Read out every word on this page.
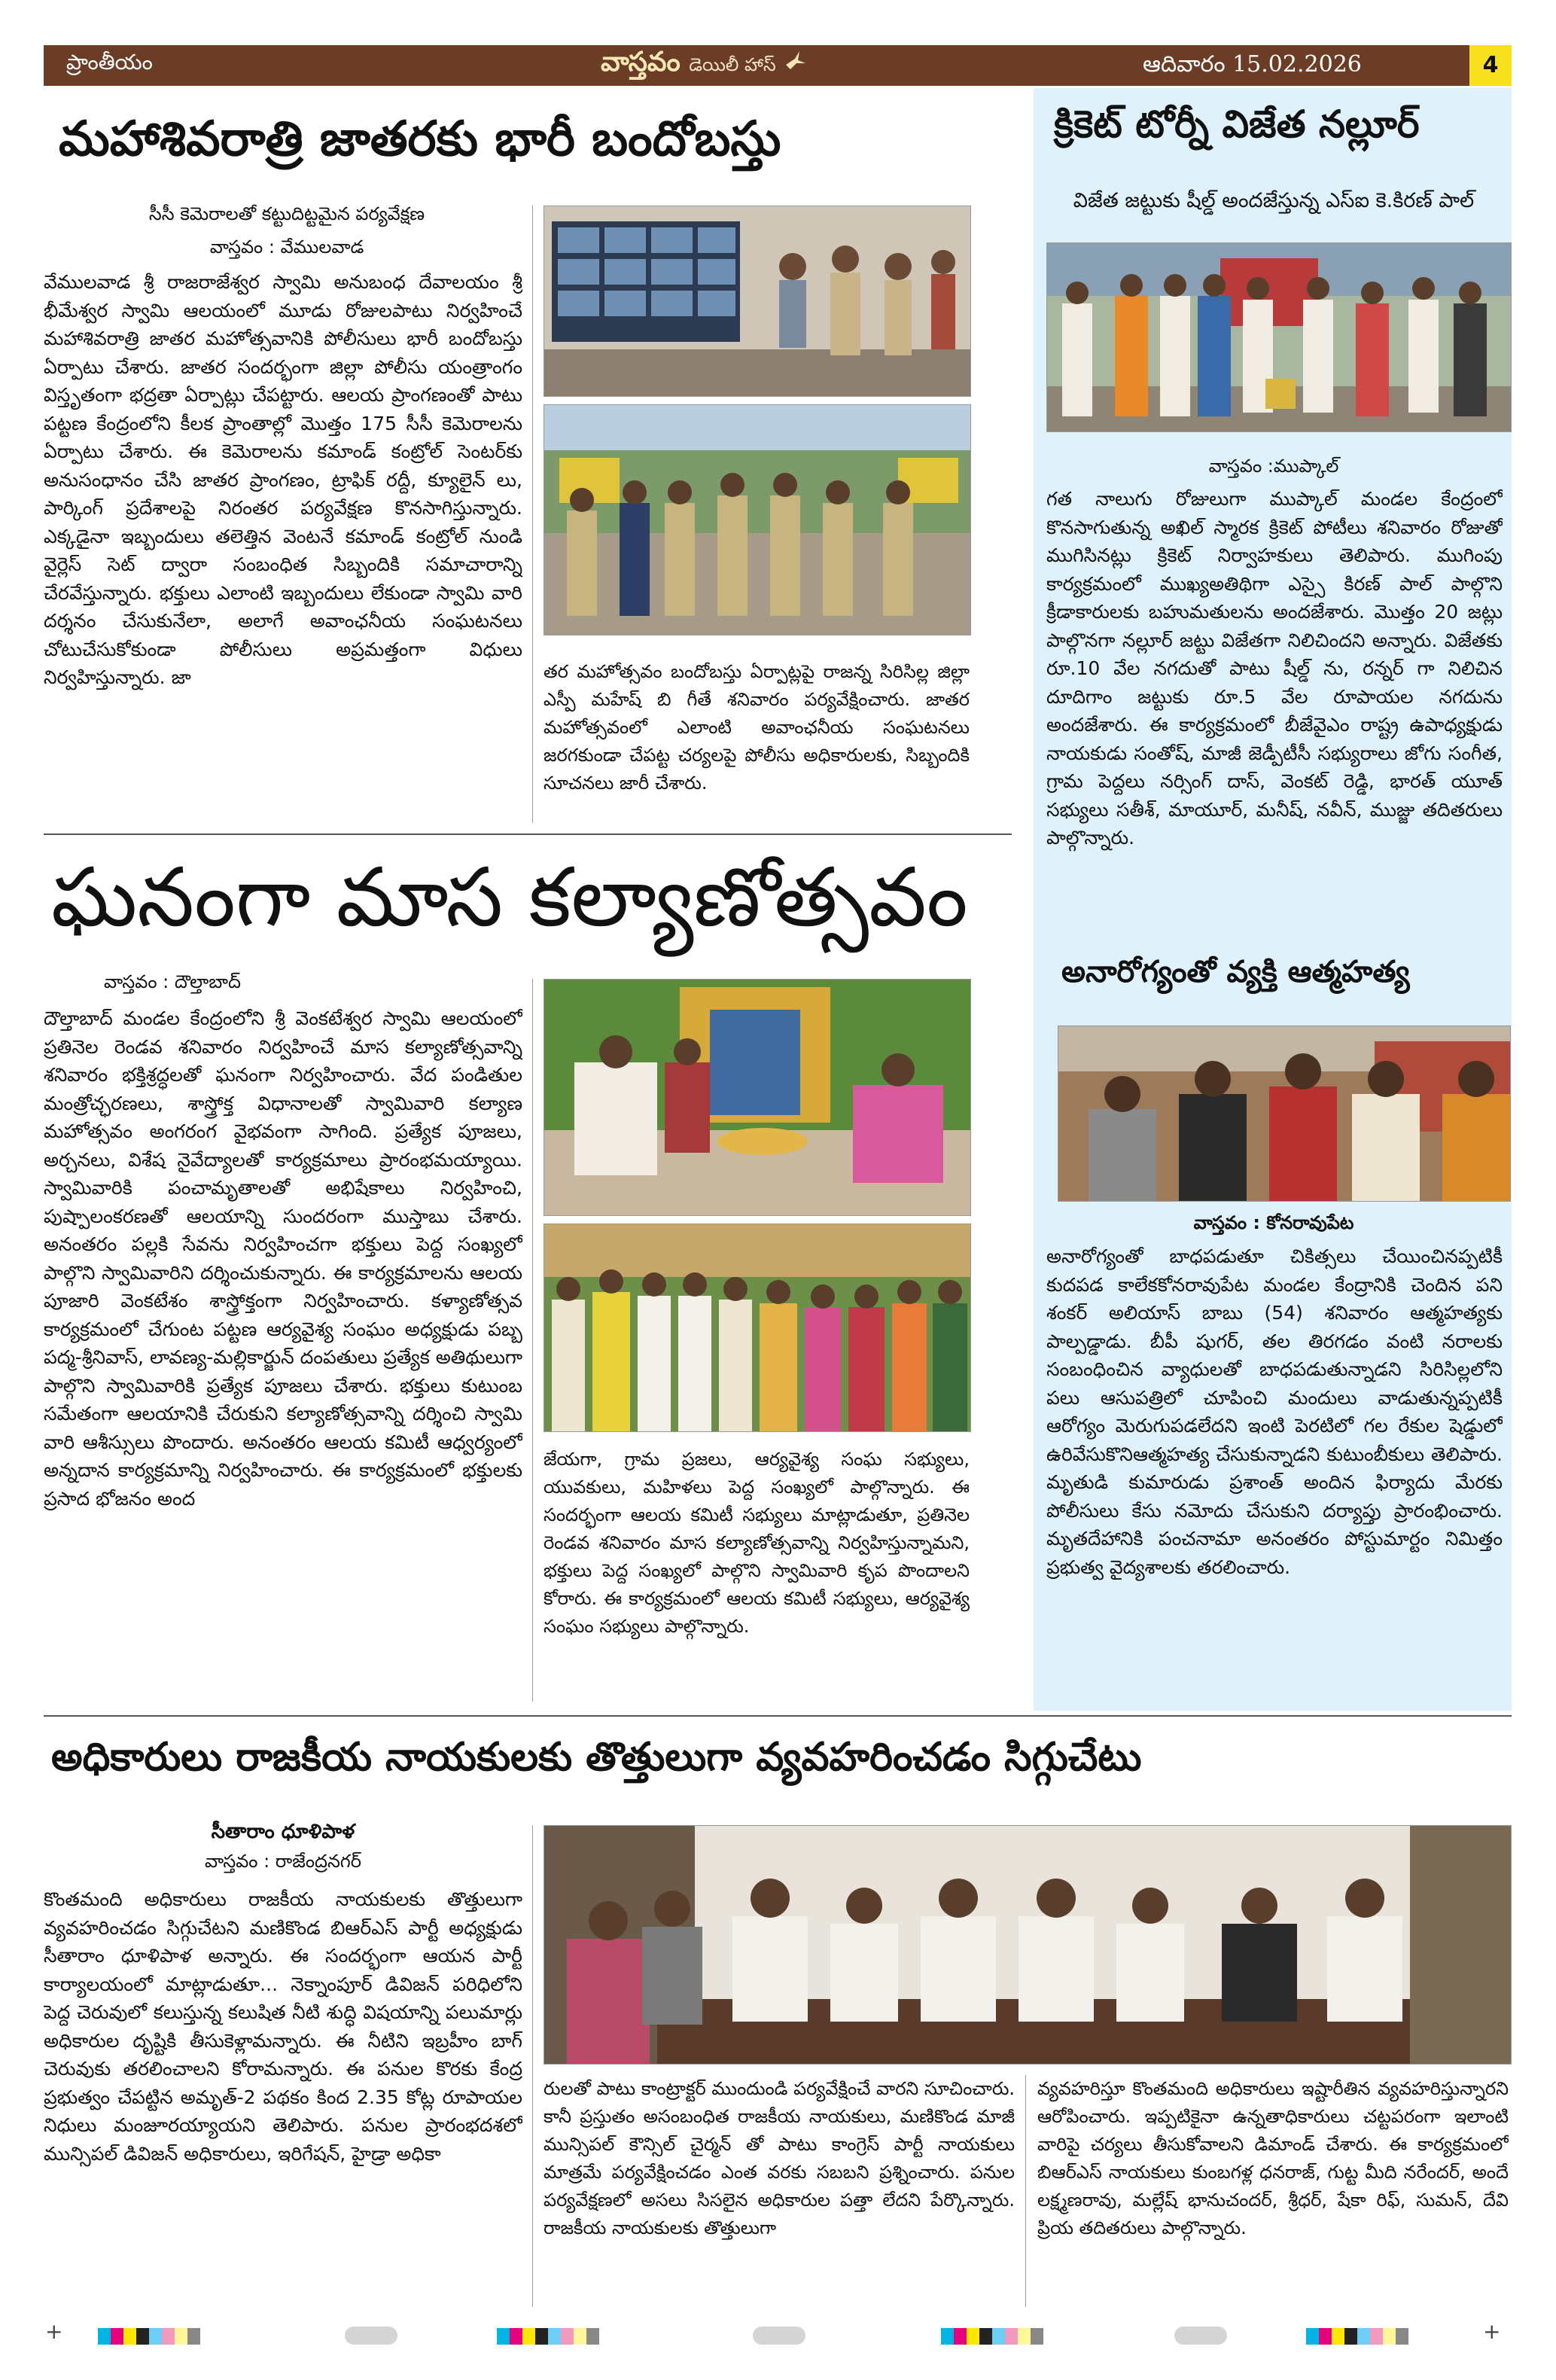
ప్రాంతీయం	వాస్తవం డెయిలీ హాస్	ఆదివారం 15.02.2026	4
మహాశివరాత్రి జాతరకు భారీ బందోబస్తు
సీసీ కెమెరాలతో కట్టుదిట్టమైన పర్యవేక్షణ
వాస్తవం : వేములవాడ
వేములవాడ శ్రీ రాజరాజేశ్వర స్వామి అనుబంధ దేవాలయం శ్రీ భీమేశ్వర స్వామి ఆలయంలో మూడు రోజులపాటు నిర్వహించే మహాశివరాత్రి జాతర మహోత్సవానికి పోలీసులు భారీ బందోబస్తు ఏర్పాటు చేశారు. జాతర సందర్భంగా జిల్లా పోలీసు యంత్రాంగం విస్తృతంగా భద్రతా ఏర్పాట్లు చేపట్టారు. ఆలయ ప్రాంగణంతో పాటు పట్టణ కేంద్రంలోని కీలక ప్రాంతాల్లో మొత్తం 175 సీసీ కెమెరాలను ఏర్పాటు చేశారు. ఈ కెమెరాలను కమాండ్ కంట్రోల్ సెంటర్‌కు అనుసంధానం చేసి జాతర ప్రాంగణం, ట్రాఫిక్ రద్దీ, క్యూలైన్ లు, పార్కింగ్ ప్రదేశాలపై నిరంతర పర్యవేక్షణ కొనసాగిస్తున్నారు. ఎక్కడైనా ఇబ్బందులు తలెత్తిన వెంటనే కమాండ్ కంట్రోల్ నుండి వైర్లెస్ సెట్ ద్వారా సంబంధిత సిబ్బందికి సమాచారాన్ని చేరవేస్తున్నారు. భక్తులు ఎలాంటి ఇబ్బందులు లేకుండా స్వామి వారి దర్శనం చేసుకునేలా, అలాగే అవాంఛనీయ సంఘటనలు చోటుచేసుకోకుండా పోలీసులు అప్రమత్తంగా విధులు నిర్వహిస్తున్నారు. జా	తర మహోత్సవం బందోబస్తు ఏర్పాట్లపై రాజన్న సిరిసిల్ల జిల్లా ఎస్పీ మహేష్ బి గీతే శనివారం పర్యవేక్షించారు. జాతర మహోత్సవంలో ఎలాంటి అవాంఛనీయ సంఘటనలు జరగకుండా చేపట్ట చర్యలపై పోలీసు అధికారులకు, సిబ్బందికి సూచనలు జారీ చేశారు.
ఘనంగా మాస కల్యాణోత్సవం
వాస్తవం : దౌల్తాబాద్
దౌల్తాబాద్ మండల కేంద్రంలోని శ్రీ వెంకటేశ్వర స్వామి ఆలయంలో ప్రతినెల రెండవ శనివారం నిర్వహించే మాస కల్యాణోత్సవాన్ని శనివారం భక్తిశ్రద్ధలతో ఘనంగా నిర్వహించారు. వేద పండితుల మంత్రోచ్ఛరణలు, శాస్త్రోక్త విధానాలతో స్వామివారి కల్యాణ మహోత్సవం అంగరంగ వైభవంగా సాగింది. ప్రత్యేక పూజలు, అర్చనలు, విశేష నైవేద్యాలతో కార్యక్రమాలు ప్రారంభమయ్యాయి. స్వామివారికి పంచామృతాలతో అభిషేకాలు నిర్వహించి, పుష్పాలంకరణతో ఆలయాన్ని సుందరంగా ముస్తాబు చేశారు. అనంతరం పల్లకి సేవను నిర్వహించగా భక్తులు పెద్ద సంఖ్యలో పాల్గొని స్వామివారిని దర్శించుకున్నారు. ఈ కార్యక్రమాలను ఆలయ పూజారి వెంకటేశం శాస్త్రోక్తంగా నిర్వహించారు. కళ్యాణోత్సవ కార్యక్రమంలో చేగుంట పట్టణ ఆర్యవైశ్య సంఘం అధ్యక్షుడు పబ్బ పద్మ-శ్రీనివాస్, లావణ్య-మల్లికార్జున్ దంపతులు ప్రత్యేక అతిథులుగా పాల్గొని స్వామివారికి ప్రత్యేక పూజలు చేశారు. భక్తులు కుటుంబ సమేతంగా ఆలయానికి చేరుకుని కల్యాణోత్సవాన్ని దర్శించి స్వామి వారి ఆశీస్సులు పొందారు. అనంతరం ఆలయ కమిటీ ఆధ్వర్యంలో అన్నదాన కార్యక్రమాన్ని నిర్వహించారు. ఈ కార్యక్రమంలో భక్తులకు ప్రసాద భోజనం అంద
జేయగా, గ్రామ ప్రజలు, ఆర్యవైశ్య సంఘ సభ్యులు, యువకులు, మహిళలు పెద్ద సంఖ్యలో పాల్గొన్నారు. ఈ సందర్భంగా ఆలయ కమిటీ సభ్యులు మాట్లాడుతూ, ప్రతినెల రెండవ శనివారం మాస కల్యాణోత్సవాన్ని నిర్వహిస్తున్నామని, భక్తులు పెద్ద సంఖ్యలో పాల్గొని స్వామివారి కృప పొందాలని కోరారు. ఈ కార్యక్రమంలో ఆలయ కమిటీ సభ్యులు, ఆర్యవైశ్య సంఘం సభ్యులు పాల్గొన్నారు.
క్రికెట్ టోర్నీ విజేత నల్లూర్
విజేత జట్టుకు షీల్డ్ అందజేస్తున్న ఎస్ఐ కె.కిరణ్ పాల్
వాస్తవం :ముప్కాల్
గత నాలుగు రోజులుగా ముప్కాల్ మండల కేంద్రంలో కొనసాగుతున్న అఖిల్ స్మారక క్రికెట్ పోటీలు శనివారం రోజుతో ముగిసినట్లు క్రికెట్ నిర్వాహకులు తెలిపారు. ముగింపు కార్యక్రమంలో ముఖ్యఅతిథిగా ఎస్సై కిరణ్ పాల్ పాల్గొని క్రీడాకారులకు బహుమతులను అందజేశారు. మొత్తం 20 జట్లు పాల్గొనగా నల్లూర్ జట్టు విజేతగా నిలిచిందని అన్నారు. విజేతకు రూ.10 వేల నగదుతో పాటు షీల్డ్ ను, రన్నర్ గా నిలిచిన దూదిగాం జట్టుకు రూ.5 వేల రూపాయల నగదును అందజేశారు. ఈ కార్యక్రమంలో బీజేవైఎం రాష్ట్ర ఉపాధ్యక్షుడు నాయకుడు సంతోష్, మాజీ జెడ్పీటీసీ సభ్యురాలు జోగు సంగీత, గ్రామ పెద్దలు నర్సింగ్ దాస్, వెంకట్ రెడ్డి, భారత్ యూత్ సభ్యులు సతీశ్, మాయూర్, మనీష్, నవీన్, ముజ్జు తదితరులు పాల్గొన్నారు.
అనారోగ్యంతో వ్యక్తి ఆత్మహత్య
వాస్తవం : కోనరావుపేట
అనారోగ్యంతో బాధపడుతూ చికిత్సలు చేయించినప్పటికీ కుదపడ కాలేకకోనరావుపేట మండల కేంద్రానికి చెందిన పని శంకర్ అలియాస్ బాబు (54) శనివారం ఆత్మహత్యకు పాల్పడ్డాడు. బీపీ షుగర్, తల తిరగడం వంటి నరాలకు సంబంధించిన వ్యాధులతో బాధపడుతున్నాడని సిరిసిల్లలోని పలు ఆసుపత్రిలో చూపించి మందులు వాడుతున్నప్పటికీ ఆరోగ్యం మెరుగుపడలేదని ఇంటి పెరటిలో గల రేకుల షెడ్డులో ఉరివేసుకొనిఆత్మహత్య చేసుకున్నాడని కుటుంబీకులు తెలిపారు. మృతుడి కుమారుడు ప్రశాంత్ అందిన ఫిర్యాదు మేరకు పోలీసులు కేసు నమోదు చేసుకుని దర్యాప్తు ప్రారంభించారు. మృతదేహానికి పంచనామా అనంతరం పోస్టుమార్టం నిమిత్తం ప్రభుత్వ వైద్యశాలకు తరలించారు.
అధికారులు రాజకీయ నాయకులకు తొత్తులుగా వ్యవహరించడం సిగ్గుచేటు
సీతారాం ధూళిపాళ
వాస్తవం : రాజేంద్రనగర్
కొంతమంది అధికారులు రాజకీయ నాయకులకు తొత్తులుగా వ్యవహరించడం సిగ్గుచేటని మణికొండ బిఆర్ఎస్ పార్టీ అధ్యక్షుడు సీతారాం ధూళిపాళ అన్నారు. ఈ సందర్భంగా ఆయన పార్టీ కార్యాలయంలో మాట్లాడుతూ... నెక్నాంపూర్ డివిజన్ పరిధిలోని పెద్ద చెరువులో కలుస్తున్న కలుషిత నీటి శుద్ధి విషయాన్ని పలుమార్లు అధికారుల దృష్టికి తీసుకెళ్లామన్నారు. ఈ నీటిని ఇబ్రహీం బాగ్ చెరువుకు తరలించాలని కోరామన్నారు. ఈ పనుల కొరకు కేంద్ర ప్రభుత్వం చేపట్టిన అమృత్-2 పథకం కింద 2.35 కోట్ల రూపాయల నిధులు మంజూరయ్యాయని తెలిపారు. పనుల ప్రారంభదశలో మున్సిపల్ డివిజన్ అధికారులు, ఇరిగేషన్, హైడ్రా అధికా
రులతో పాటు కాంట్రాక్టర్ ముందుండి పర్యవేక్షించే వారని సూచించారు. కానీ ప్రస్తుతం అసంబంధిత రాజకీయ నాయకులు, మణికొండ మాజీ మున్సిపల్ కౌన్సిల్ చైర్మన్ తో పాటు కాంగ్రెస్ పార్టీ నాయకులు మాత్రమే పర్యవేక్షించడం ఎంత వరకు సబబని ప్రశ్నించారు. పనుల పర్యవేక్షణలో అసలు సిసలైన అధికారుల పత్తా లేదని పేర్కొన్నారు. రాజకీయ నాయకులకు తొత్తులుగా
వ్యవహరిస్తూ కొంతమంది అధికారులు ఇష్టారీతిన వ్యవహరిస్తున్నారని ఆరోపించారు. ఇప్పటికైనా ఉన్నతాధికారులు చట్టపరంగా ఇలాంటి వారిపై చర్యలు తీసుకోవాలని డిమాండ్ చేశారు. ఈ కార్యక్రమంలో బిఆర్ఎస్ నాయకులు కుంబగళ్ల ధనరాజ్, గుట్ట మీది నరేందర్, అందే లక్ష్మణరావు, మల్లేష్ భానుచందర్, శ్రీధర్, షేకా రిఫ్, సుమన్, దేవి ప్రియ తదితరులు పాల్గొన్నారు.
+	+
